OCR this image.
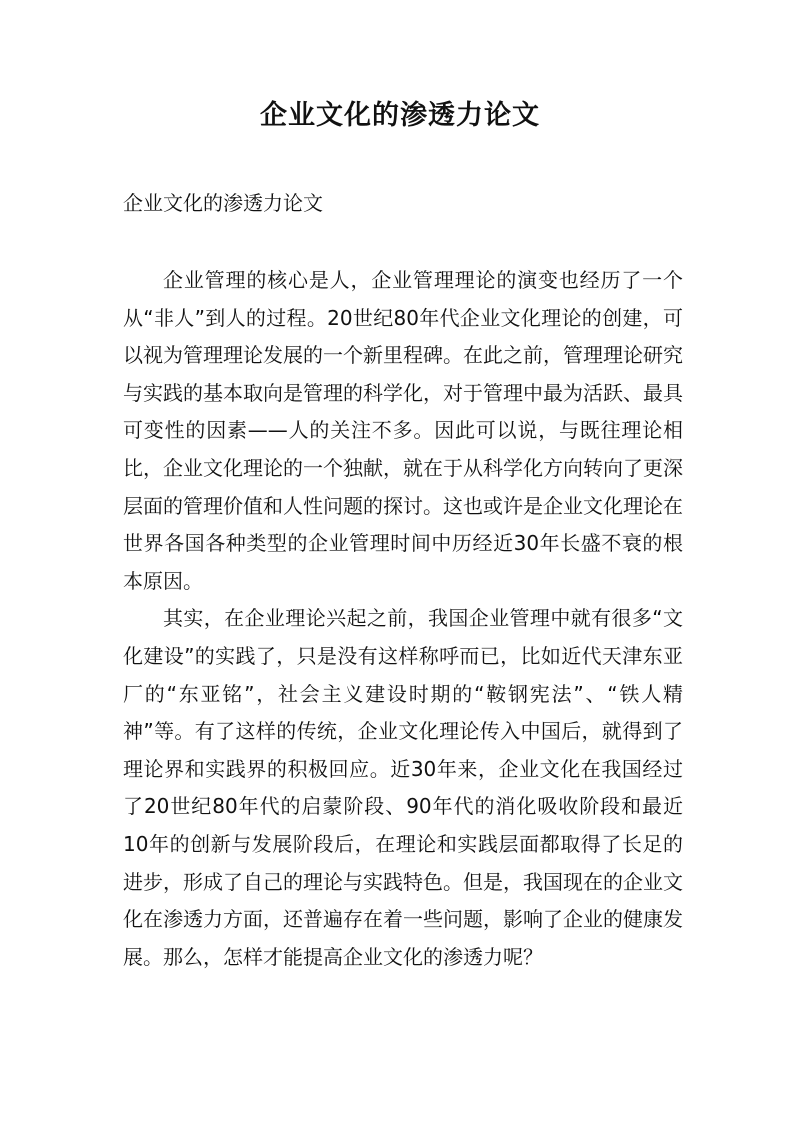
企业文化的渗透力论文

企业文化的渗透力论文

企业管理的核心是人，企业管理理论的演变也经历了一个从“非人”到人的过程。20世纪80年代企业文化理论的创建，可以视为管理理论发展的一个新里程碑。在此之前，管理理论研究与实践的基本取向是管理的科学化，对于管理中最为活跃、最具可变性的因素——人的关注不多。因此可以说，与既往理论相比，企业文化理论的一个独献，就在于从科学化方向转向了更深层面的管理价值和人性问题的探讨。这也或许是企业文化理论在世界各国各种类型的企业管理时间中历经近30年长盛不衰的根本原因。

其实，在企业理论兴起之前，我国企业管理中就有很多“文化建设”的实践了，只是没有这样称呼而已，比如近代天津东亚厂的“东亚铭”，社会主义建设时期的“鞍钢宪法”、“铁人精神”等。有了这样的传统，企业文化理论传入中国后，就得到了理论界和实践界的积极回应。近30年来，企业文化在我国经过了20世纪80年代的启蒙阶段、90年代的消化吸收阶段和最近10年的创新与发展阶段后，在理论和实践层面都取得了长足的进步，形成了自己的理论与实践特色。但是，我国现在的企业文化在渗透力方面，还普遍存在着一些问题，影响了企业的健康发展。那么，怎样才能提高企业文化的渗透力呢？
